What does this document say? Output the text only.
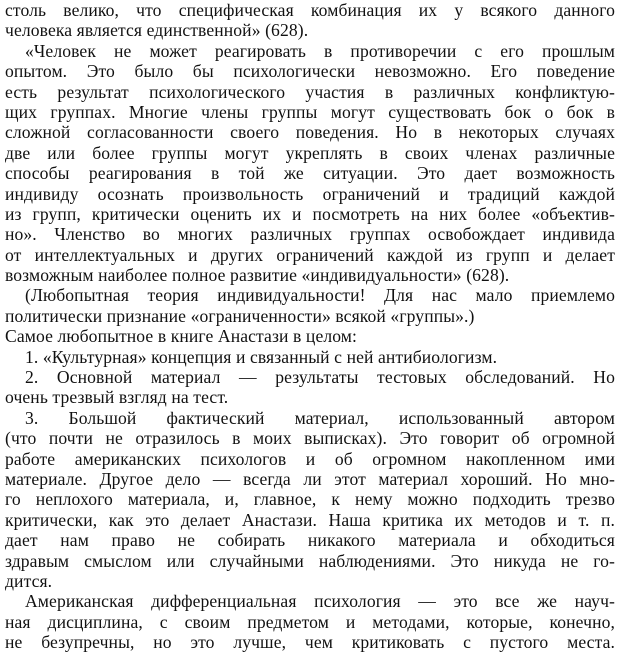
столь велико, что специфическая комбинация их у всякого данного
человека является единственной» (628).
«Человек не может реагировать в противоречии с его прошлым
опытом. Это было бы психологически невозможно. Его поведение
есть результат психологического участия в различных конфликтую-
щих группах. Многие члены группы могут существовать бок о бок в
сложной согласованности своего поведения. Но в некоторых случаях
две или более группы могут укреплять в своих членах различные
способы реагирования в той же ситуации. Это дает возможность
индивиду осознать произвольность ограничений и традиций каждой
из групп, критически оценить их и посмотреть на них более «объектив-
но». Членство во многих различных группах освобождает индивида
от интеллектуальных и других ограничений каждой из групп и делает
возможным наиболее полное развитие «индивидуальности» (628).
(Любопытная теория индивидуальности! Для нас мало приемлемо
политически признание «ограниченности» всякой «группы».)
Самое любопытное в книге Анастази в целом:
1. «Культурная» концепция и связанный с ней антибиологизм.
2. Основной материал — результаты тестовых обследований. Но
очень трезвый взгляд на тест.
3. Большой фактический материал, использованный автором
(что почти не отразилось в моих выписках). Это говорит об огромной
работе американских психологов и об огромном накопленном ими
материале. Другое дело — всегда ли этот материал хороший. Но мно-
го неплохого материала, и, главное, к нему можно подходить трезво
критически, как это делает Анастази. Наша критика их методов и т. п.
дает нам право не собирать никакого материала и обходиться
здравым смыслом или случайными наблюдениями. Это никуда не го-
дится.
Американская дифференциальная психология — это все же науч-
ная дисциплина, с своим предметом и методами, которые, конечно,
не безупречны, но это лучше, чем критиковать с пустого места.
